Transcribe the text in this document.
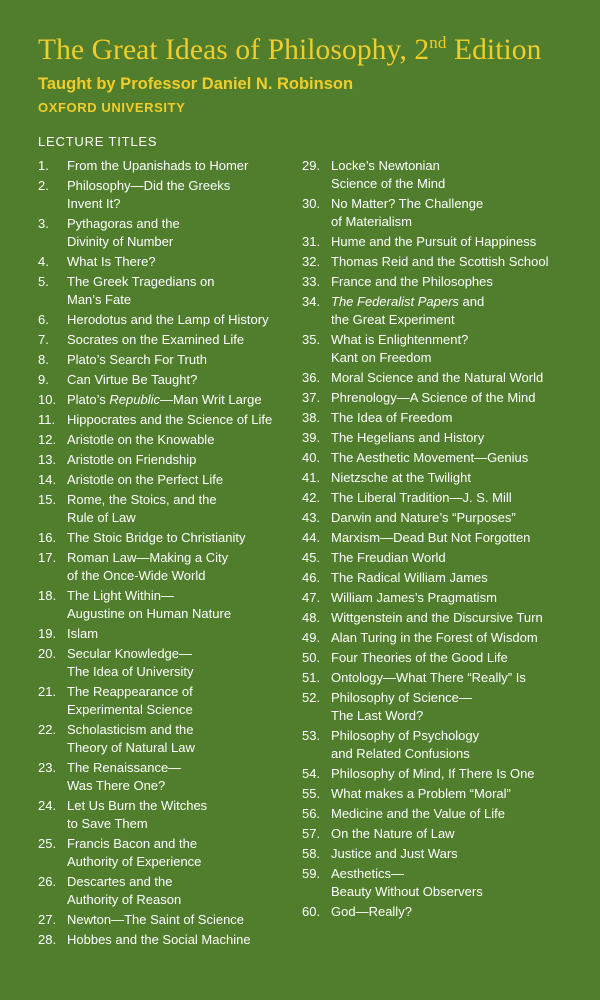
The Great Ideas of Philosophy, 2nd Edition
Taught by Professor Daniel N. Robinson
OXFORD UNIVERSITY
LECTURE TITLES
1.	From the Upanishads to Homer
2.	Philosophy—Did the Greeks
Invent It?
3.	Pythagoras and the
Divinity of Number
4.	What Is There?
5.	The Greek Tragedians on
Man’s Fate
6.	Herodotus and the Lamp of History
7.	Socrates on the Examined Life
8.	Plato’s Search For Truth
9.	Can Virtue Be Taught?
10. Plato’s Republic—Man Writ Large
11. Hippocrates and the Science of Life
12. Aristotle on the Knowable
13. Aristotle on Friendship
14. Aristotle on the Perfect Life
15. Rome, the Stoics, and the
Rule of Law
16. The Stoic Bridge to Christianity
17. Roman Law—Making a City
of the Once-Wide World
18. The Light Within—
Augustine on Human Nature
19. Islam
20. Secular Knowledge—
The Idea of University
21. The Reappearance of
Experimental Science
22. Scholasticism and the
Theory of Natural Law
23. The Renaissance—
Was There One?
24. Let Us Burn the Witches
to Save Them
25. Francis Bacon and the
Authority of Experience
26. Descartes and the
Authority of Reason
27. Newton—The Saint of Science
28. Hobbes and the Social Machine
29. Locke’s Newtonian
Science of the Mind
30. No Matter? The Challenge
of Materialism
31. Hume and the Pursuit of Happiness
32. Thomas Reid and the Scottish School
33. France and the Philosophes
34. The Federalist Papers and
the Great Experiment
35. What is Enlightenment?
Kant on Freedom
36. Moral Science and the Natural World
37. Phrenology—A Science of the Mind
38. The Idea of Freedom
39. The Hegelians and History
40. The Aesthetic Movement—Genius
41. Nietzsche at the Twilight
42. The Liberal Tradition—J. S. Mill
43. Darwin and Nature’s “Purposes”
44. Marxism—Dead But Not Forgotten
45. The Freudian World
46. The Radical William James
47. William James’s Pragmatism
48. Wittgenstein and the Discursive Turn
49. Alan Turing in the Forest of Wisdom
50. Four Theories of the Good Life
51. Ontology—What There “Really” Is
52. Philosophy of Science—
The Last Word?
53. Philosophy of Psychology
and Related Confusions
54. Philosophy of Mind, If There Is One
55. What makes a Problem “Moral”
56. Medicine and the Value of Life
57. On the Nature of Law
58. Justice and Just Wars
59. Aesthetics—
Beauty Without Observers
60. God—Really?
